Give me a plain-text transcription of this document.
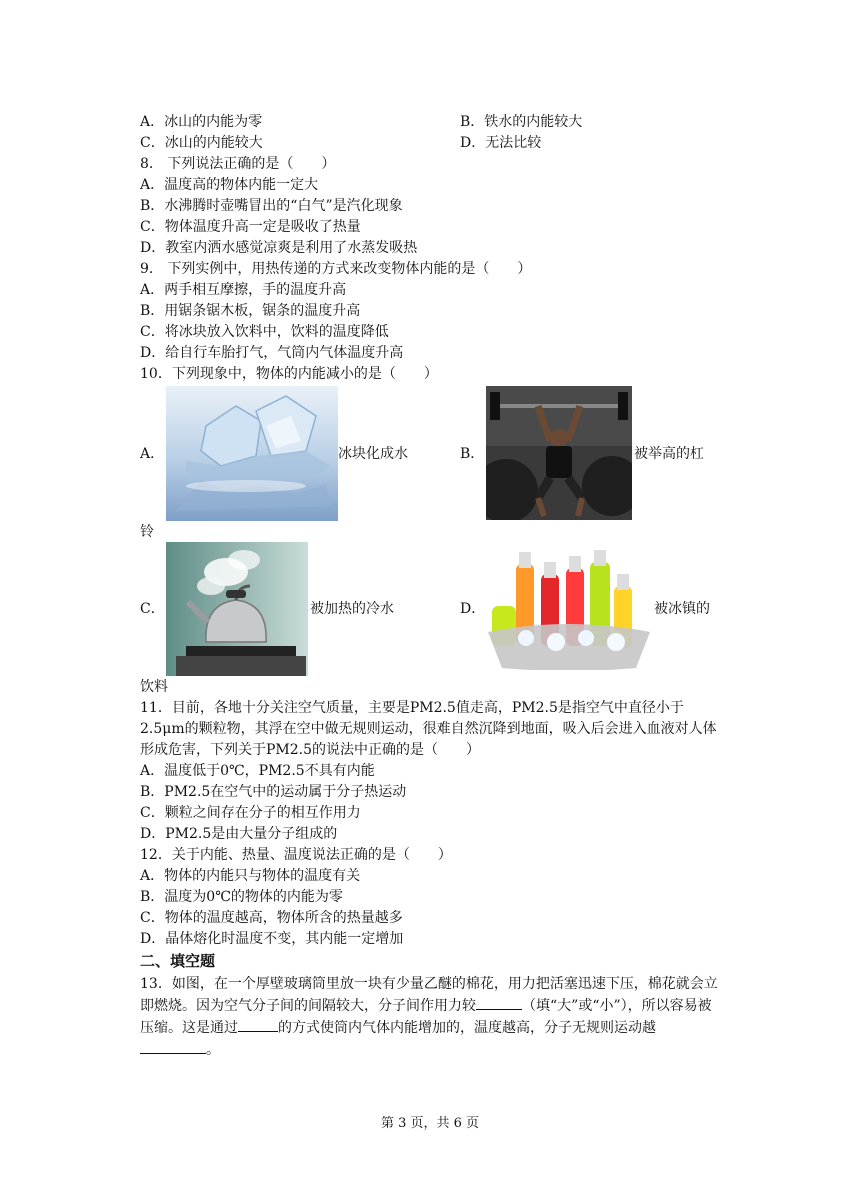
A．冰山的内能为零	B．铁水的内能较大
C．冰山的内能较大	D．无法比较
8． 下列说法正确的是（　　）
A．温度高的物体内能一定大
B．水沸腾时壶嘴冒出的“白气”是汽化现象
C．物体温度升高一定是吸收了热量
D．教室内洒水感觉凉爽是利用了水蒸发吸热
9． 下列实例中，用热传递的方式来改变物体内能的是（　　）
A．两手相互摩擦，手的温度升高
B．用锯条锯木板，锯条的温度升高
C．将冰块放入饮料中，饮料的温度降低
D．给自行车胎打气，气筒内气体温度升高
10．下列现象中，物体的内能减小的是（　　）
A．	冰块化成水	B．	被举高的杠
铃
C．	被加热的冷水	D．	被冰镇的
饮料
11．目前，各地十分关注空气质量，主要是PM2.5值走高，PM2.5是指空气中直径小于2.5μm的颗粒物，其浮在空中做无规则运动，很难自然沉降到地面，吸入后会进入血液对人体形成危害，下列关于PM2.5的说法中正确的是（　　）
A．温度低于0℃，PM2.5不具有内能
B．PM2.5在空气中的运动属于分子热运动
C．颗粒之间存在分子的相互作用力
D．PM2.5是由大量分子组成的
12．关于内能、热量、温度说法正确的是（　　）
A．物体的内能只与物体的温度有关
B．温度为0℃的物体的内能为零
C．物体的温度越高，物体所含的热量越多
D．晶体熔化时温度不变，其内能一定增加
二、填空题
13．如图，在一个厚壁玻璃筒里放一块有少量乙醚的棉花，用力把活塞迅速下压，棉花就会立即燃烧。因为空气分子间的间隔较大，分子间作用力较	（填“大”或“小”），所以容易被压缩。这是通过	的方式使筒内气体内能增加的，温度越高，分子无规则运动越。
第 3 页，共 6 页
